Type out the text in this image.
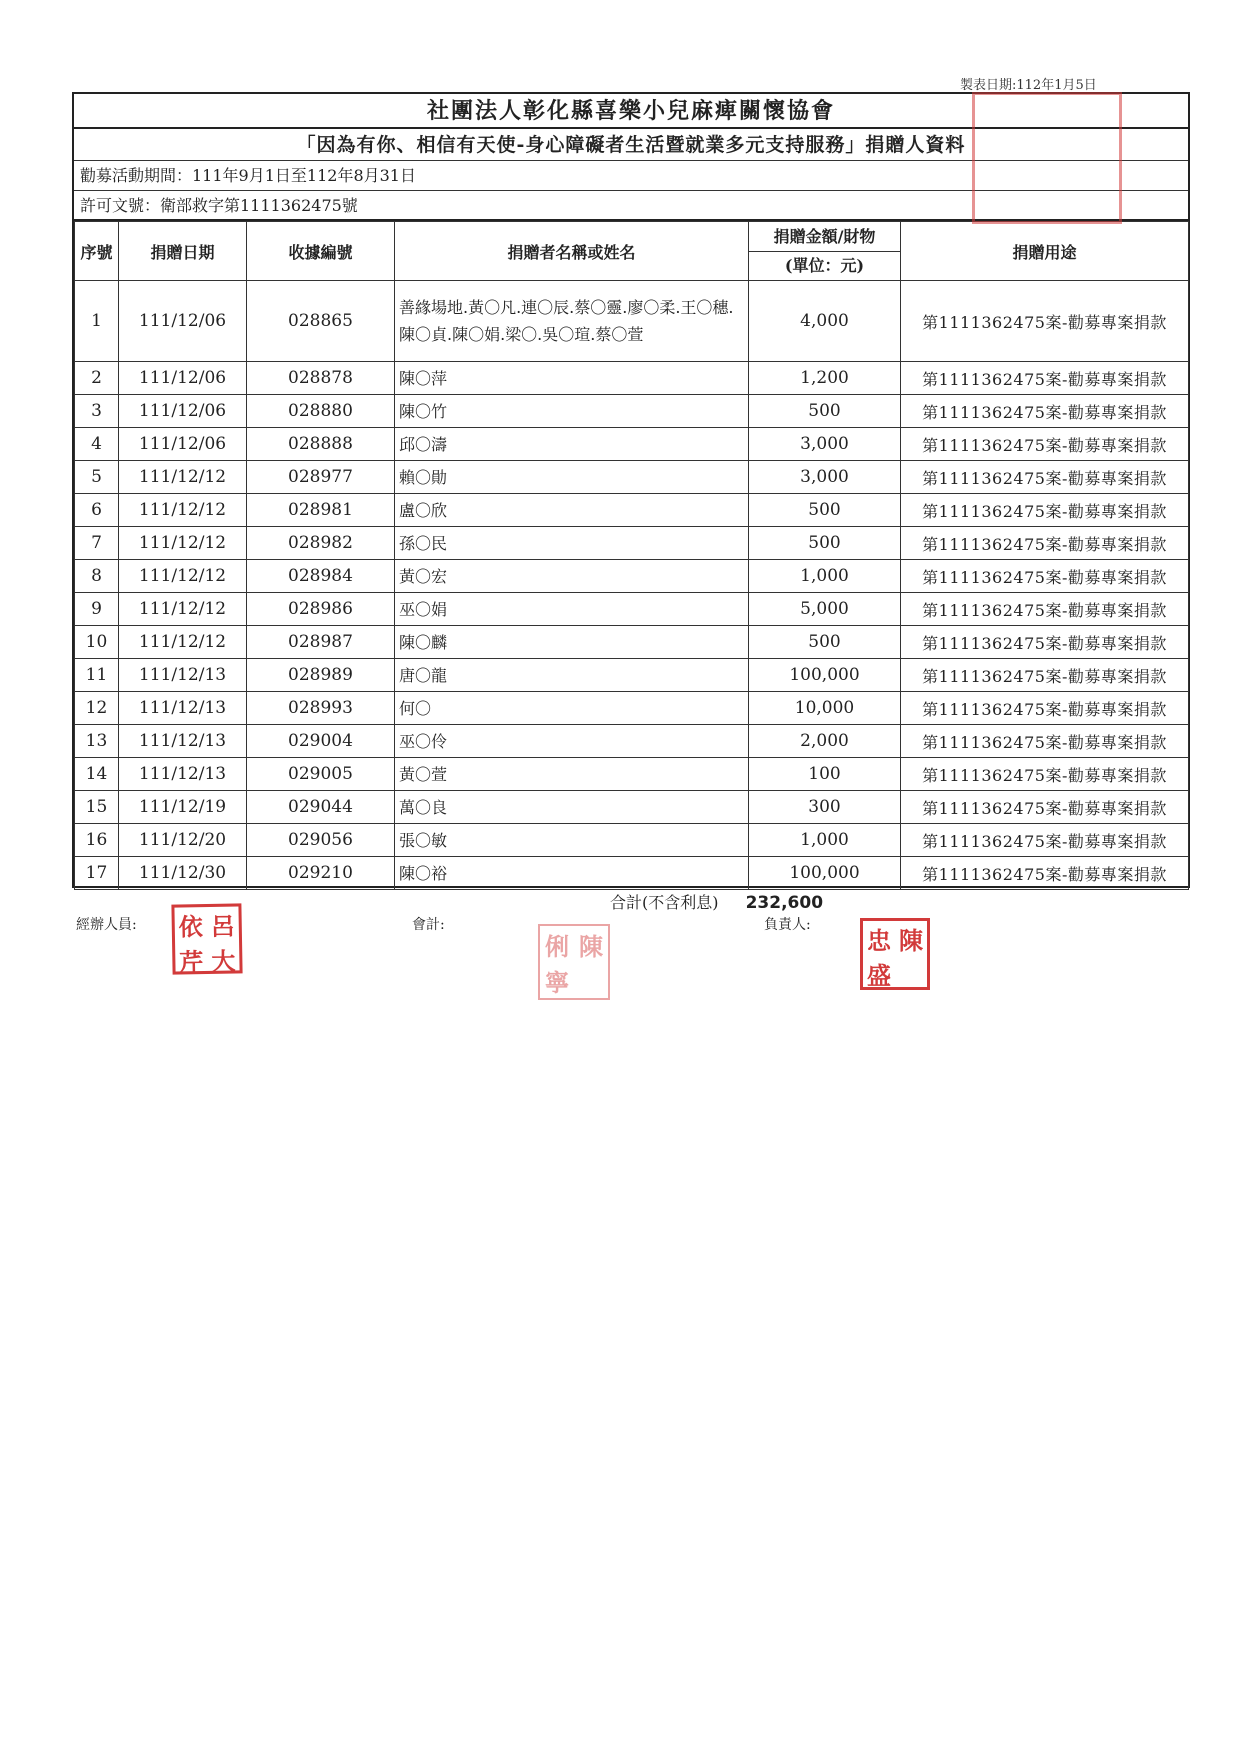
製表日期:112年1月5日
社團法人彰化縣喜樂小兒麻痺關懷協會
「因為有你、相信有天使-身心障礙者生活暨就業多元支持服務」捐贈人資料
勸募活動期間：111年9月1日至112年8月31日
許可文號：衛部救字第1111362475號
序號	捐贈日期	收據編號	捐贈者名稱或姓名	捐贈金額/財物
(單位：元)	捐贈用途
1	111/12/06	028865	善緣場地.黃〇凡.連〇辰.蔡〇靈.廖〇柔.王〇穗.陳〇貞.陳〇娟.梁〇.吳〇瑄.蔡〇萱	4,000	第1111362475案-勸募專案捐款
2	111/12/06	028878	陳〇萍	1,200	第1111362475案-勸募專案捐款
3	111/12/06	028880	陳〇竹	500	第1111362475案-勸募專案捐款
4	111/12/06	028888	邱〇濤	3,000	第1111362475案-勸募專案捐款
5	111/12/12	028977	賴〇勛	3,000	第1111362475案-勸募專案捐款
6	111/12/12	028981	盧〇欣	500	第1111362475案-勸募專案捐款
7	111/12/12	028982	孫〇民	500	第1111362475案-勸募專案捐款
8	111/12/12	028984	黃〇宏	1,000	第1111362475案-勸募專案捐款
9	111/12/12	028986	巫〇娟	5,000	第1111362475案-勸募專案捐款
10	111/12/12	028987	陳〇麟	500	第1111362475案-勸募專案捐款
11	111/12/13	028989	唐〇龍	100,000	第1111362475案-勸募專案捐款
12	111/12/13	028993	何〇	10,000	第1111362475案-勸募專案捐款
13	111/12/13	029004	巫〇伶	2,000	第1111362475案-勸募專案捐款
14	111/12/13	029005	黃〇萱	100	第1111362475案-勸募專案捐款
15	111/12/19	029044	萬〇良	300	第1111362475案-勸募專案捐款
16	111/12/20	029056	張〇敏	1,000	第1111362475案-勸募專案捐款
17	111/12/30	029210	陳〇裕	100,000	第1111362475案-勸募專案捐款
合計(不含利息) 232,600
經辦人員:	會計:	負責人:
依 呂
芹 大
俐 陳
寧
忠 陳
盛
